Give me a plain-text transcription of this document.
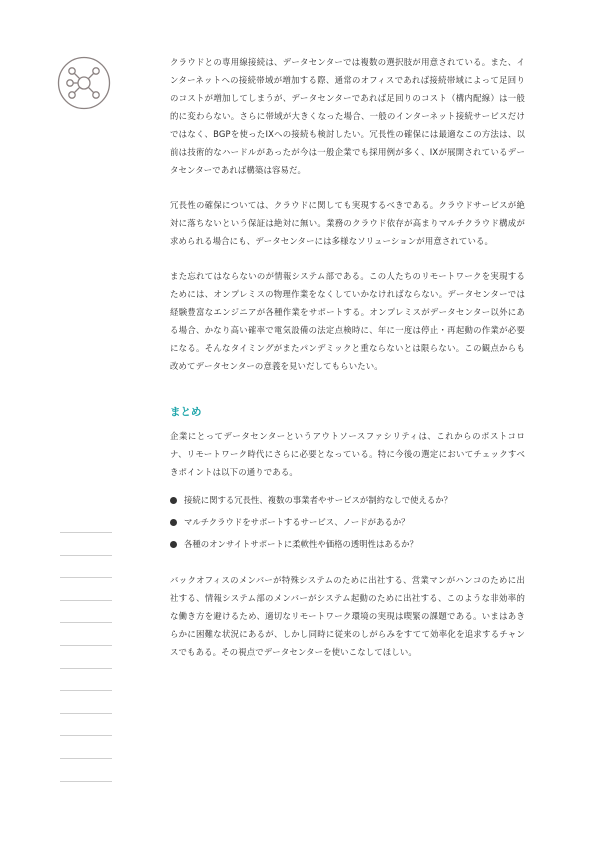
クラウドとの専用線接続は、データセンターでは複数の選択肢が用意されている。また、インターネットへの接続帯域が増加する際、通常のオフィスであれば接続帯域によって足回りのコストが増加してしまうが、データセンターであれば足回りのコスト（構内配線）は一般的に変わらない。さらに帯域が大きくなった場合、一般のインターネット接続サービスだけではなく、BGPを使ったIXへの接続も検討したい。冗長性の確保には最適なこの方法は、以前は技術的なハードルがあったが今は一般企業でも採用例が多く、IXが展開されているデータセンターであれば構築は容易だ。

冗長性の確保については、クラウドに関しても実現するべきである。クラウドサービスが絶対に落ちないという保証は絶対に無い。業務のクラウド依存が高まりマルチクラウド構成が求められる場合にも、データセンターには多様なソリューションが用意されている。

また忘れてはならないのが情報システム部である。この人たちのリモートワークを実現するためには、オンプレミスの物理作業をなくしていかなければならない。データセンターでは経験豊富なエンジニアが各種作業をサポートする。オンプレミスがデータセンター以外にある場合、かなり高い確率で電気設備の法定点検時に、年に一度は停止・再起動の作業が必要になる。そんなタイミングがまたパンデミックと重ならないとは限らない。この観点からも改めてデータセンターの意義を見いだしてもらいたい。

まとめ

企業にとってデータセンターというアウトソースファシリティは、これからのポストコロナ、リモートワーク時代にさらに必要となっている。特に今後の選定においてチェックすべきポイントは以下の通りである。

接続に関する冗長性、複数の事業者やサービスが制約なしで使えるか？
マルチクラウドをサポートするサービス、ノードがあるか？
各種のオンサイトサポートに柔軟性や価格の透明性はあるか？

バックオフィスのメンバーが特殊システムのために出社する、営業マンがハンコのために出社する、情報システム部のメンバーがシステム起動のために出社する、このような非効率的な働き方を避けるため、適切なリモートワーク環境の実現は喫緊の課題である。いまはあきらかに困難な状況にあるが、しかし同時に従来のしがらみをすてて効率化を追求するチャンスでもある。その視点でデータセンターを使いこなしてほしい。
